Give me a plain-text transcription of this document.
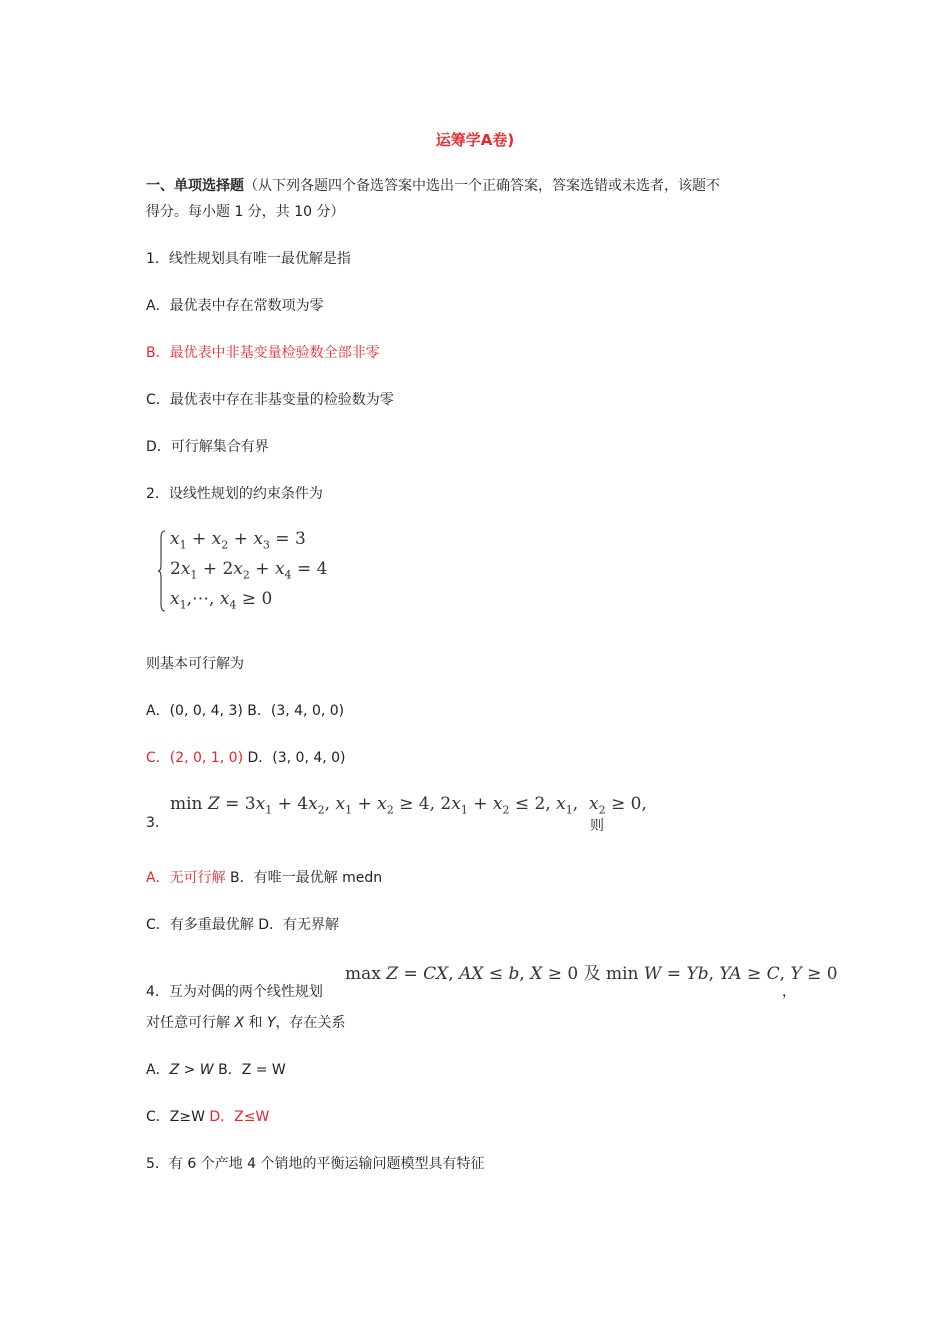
运筹学A卷)
一、单项选择题（从下列各题四个备选答案中选出一个正确答案，答案选错或未选者，该题不
得分。每小题 1 分，共 10 分）
1．线性规划具有唯一最优解是指
A．最优表中存在常数项为零
B．最优表中非基变量检验数全部非零
C．最优表中存在非基变量的检验数为零
D．可行解集合有界
2．设线性规划的约束条件为
$x_1 + x_2 + x_3 = 3$
$2x_1 + 2x_2 + x_4 = 4$
$x_1,\cdots$, $x_4 \ge 0$
则基本可行解为
A．(0, 0, 4, 3) B．(3, 4, 0, 0)
C．(2, 0, 1, 0) D．(3, 0, 4, 0)
$\min Z = 3x_1 + 4x_2$, $x_1 + x_2 \ge 4$, $2x_1 + x_2 \le 2$, $x_1$,  $x_2 \ge 0$,
3.	则
A．无可行解 B．有唯一最优解 medn
C．有多重最优解 D．有无界解
max Z = CX, AX ≤ b, X ≥ 0 及 min W = Yb, YA ≥ C, Y ≥ 0
4．互为对偶的两个线性规划	，
对任意可行解 X 和 Y，存在关系
A．Z > W B．Z = W
C．Z≥W D．Z≤W
5．有 6 个产地 4 个销地的平衡运输问题模型具有特征
